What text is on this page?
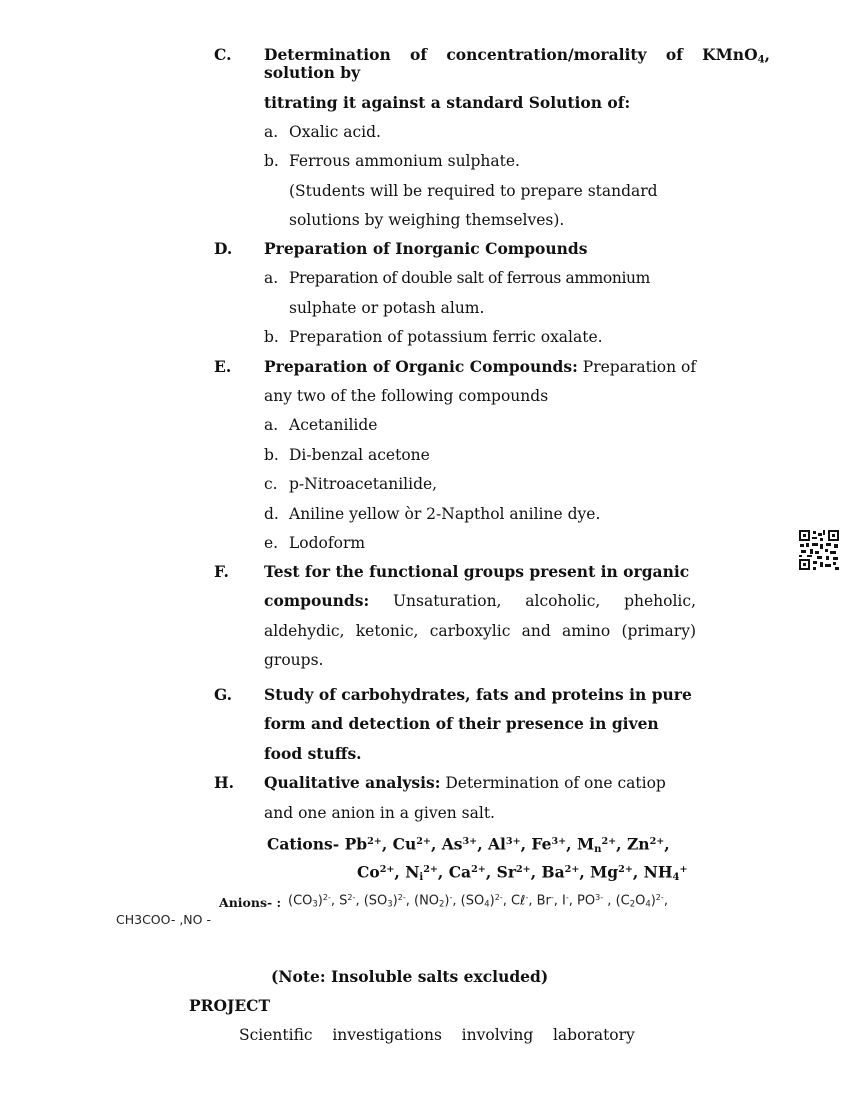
C. Determination of concentration/morality of KMnO$_4$,
solution by
titrating it against a standard Solution of:
a. Oxalic acid.
b. Ferrous ammonium sulphate.
(Students will be required to prepare standard
solutions by weighing themselves).
D. Preparation of Inorganic Compounds
a. Preparation of double salt of ferrous ammonium
sulphate or potash alum.
b. Preparation of potassium ferric oxalate.
E. Preparation of Organic Compounds: Preparation of
any two of the following compounds
a. Acetanilide
b. Di-benzal acetone
c. p-Nitroacetanilide,
d. Aniline yellow òr 2-Napthol aniline dye.
e. Lodoform
F. Test for the functional groups present in organic
compounds: Unsaturation, alcoholic, pheholic,
aldehydic, ketonic, carboxylic and amino (primary)
groups.
G. Study of carbohydrates, fats and proteins in pure
form and detection of their presence in given
food stuffs.
H. Qualitative analysis: Determination of one catiop
and one anion in a given salt.
Cations- $Pb^{2+}$, $Cu^{2+}$, $As^{3+}$, $Al^{3+}$, $Fe^{3+}$, $M_n^{2+}$, $Zn^{2+}$,
$Co^{2+}$, $N_i^{2+}$, $Ca^{2+}$, $Sr^{2+}$, $Ba^{2+}$, $Mg^{2+}$, $NH_4^+$
Anions- : $(CO_3)^{2-}$, $S^{2-}$, $(SO_3)^{2-}$, $(NO_2)^-$, $(SO_4)^{2-}$, Cℓ-, Br-, I-, $PO^{3-}$ , $(C_2O_4)^{2-}$,
CH3COO- ,NO -
(Note: Insoluble salts excluded)
PROJECT
Scientific    investigations    involving    laboratory
